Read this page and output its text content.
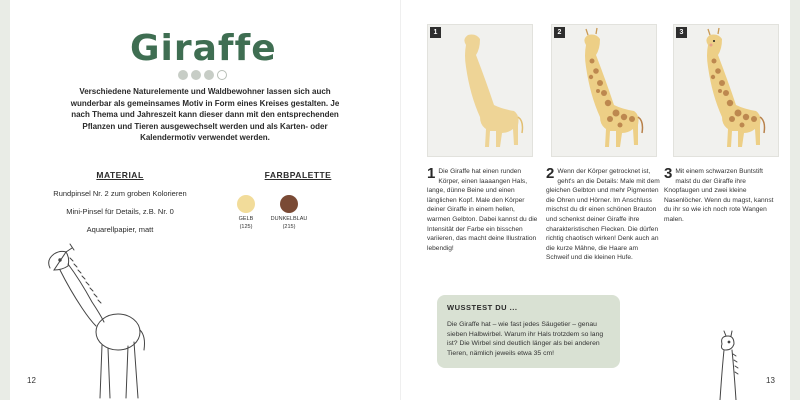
Giraffe
Verschiedene Naturelemente und Waldbewohner lassen sich auch wunderbar als gemeinsames Motiv in Form eines Kreises gestalten. Je nach Thema und Jahreszeit kann dieser dann mit den entsprechenden Pflanzen und Tieren ausgewechselt werden und als Karten- oder Kalendermotiv verwendet werden.
MATERIAL
Rundpinsel Nr. 2 zum groben Kolorieren
Mini-Pinsel für Details, z.B. Nr. 0
Aquarellpapier, matt
FARBPALETTE
GELB
(125)
DUNKELBLAU
(215)
12
1	2	3
1 Die Giraffe hat einen runden Körper, einen laaaangen Hals, lange, dünne Beine und einen länglichen Kopf. Male den Körper deiner Giraffe in einem hellen, warmen Gelbton. Dabei kannst du die Intensität der Farbe ein bisschen variieren, das macht deine Illustration lebendig!
2 Wenn der Körper getrocknet ist, geht's an die Details: Male mit dem gleichen Gelbton und mehr Pigmenten die Ohren und Hörner. Im Anschluss mischst du dir einen schönen Brauton und schenkst deiner Giraffe ihre charakteristischen Flecken. Die dürfen richtig chaotisch wirken! Denk auch an die kurze Mähne, die Haare am Schweif und die kleinen Hufe.
3 Mit einem schwarzen Buntstift malst du der Giraffe ihre Knopfaugen und zwei kleine Nasenlöcher. Wenn du magst, kannst du ihr so wie ich noch rote Wangen malen.
WUSSTEST DU ...
Die Giraffe hat – wie fast jedes Säugetier – genau sieben Halbwirbel. Warum ihr Hals trotzdem so lang ist? Die Wirbel sind deutlich länger als bei anderen Tieren, nämlich jeweils etwa 35 cm!
13
